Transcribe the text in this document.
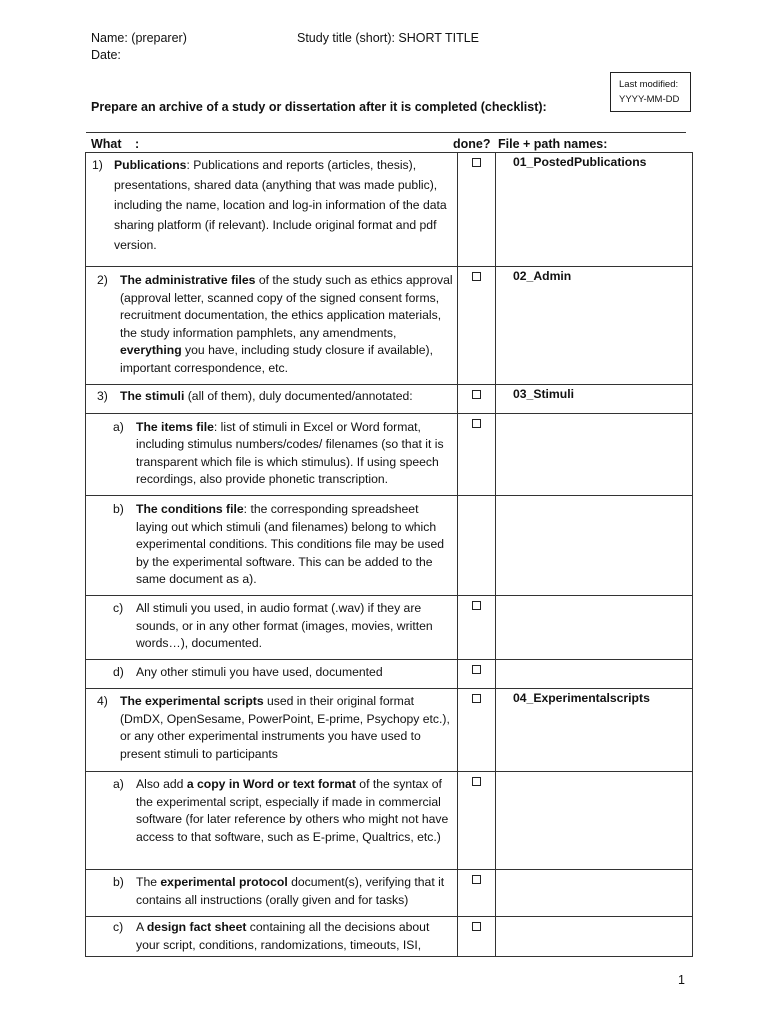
Name: (preparer)
Date:
Study title (short): SHORT TITLE
Last modified:
YYYY-MM-DD
Prepare an archive of a study or dissertation after it is completed (checklist):
What :	done? File + path names:
1) Publications: Publications and reports (articles, thesis), presentations, shared data (anything that was made public), including the name, location and log-in information of the data sharing platform (if relevant). Include original format and pdf version.		01_PostedPublications

2) The administrative files of the study such as ethics approval (approval letter, scanned copy of the signed consent forms, recruitment documentation, the ethics application materials, the study information pamphlets, any amendments, everything you have, including study closure if available), important correspondence, etc.		02_Admin

3) The stimuli (all of them), duly documented/annotated:		03_Stimuli

a) The items file: list of stimuli in Excel or Word format, including stimulus numbers/codes/ filenames (so that it is transparent which file is which stimulus). If using speech recordings, also provide phonetic transcription.		

b) The conditions file: the corresponding spreadsheet laying out which stimuli (and filenames) belong to which experimental conditions. This conditions file may be used by the experimental software. This can be added to the same document as a).		

c) All stimuli you used, in audio format (.wav) if they are sounds, or in any other format (images, movies, written words…), documented.		

d) Any other stimuli you have used, documented		

4) The experimental scripts used in their original format (DmDX, OpenSesame, PowerPoint, E-prime, Psychopy etc.), or any other experimental instruments you have used to present stimuli to participants		04_Experimentalscripts

a) Also add a copy in Word or text format of the syntax of the experimental script, especially if made in commercial software (for later reference by others who might not have access to that software, such as E-prime, Qualtrics, etc.)		

b) The experimental protocol document(s), verifying that it contains all instructions (orally given and for tasks)		

c) A design fact sheet containing all the decisions about your script, conditions, randomizations, timeouts, ISI,		

1
